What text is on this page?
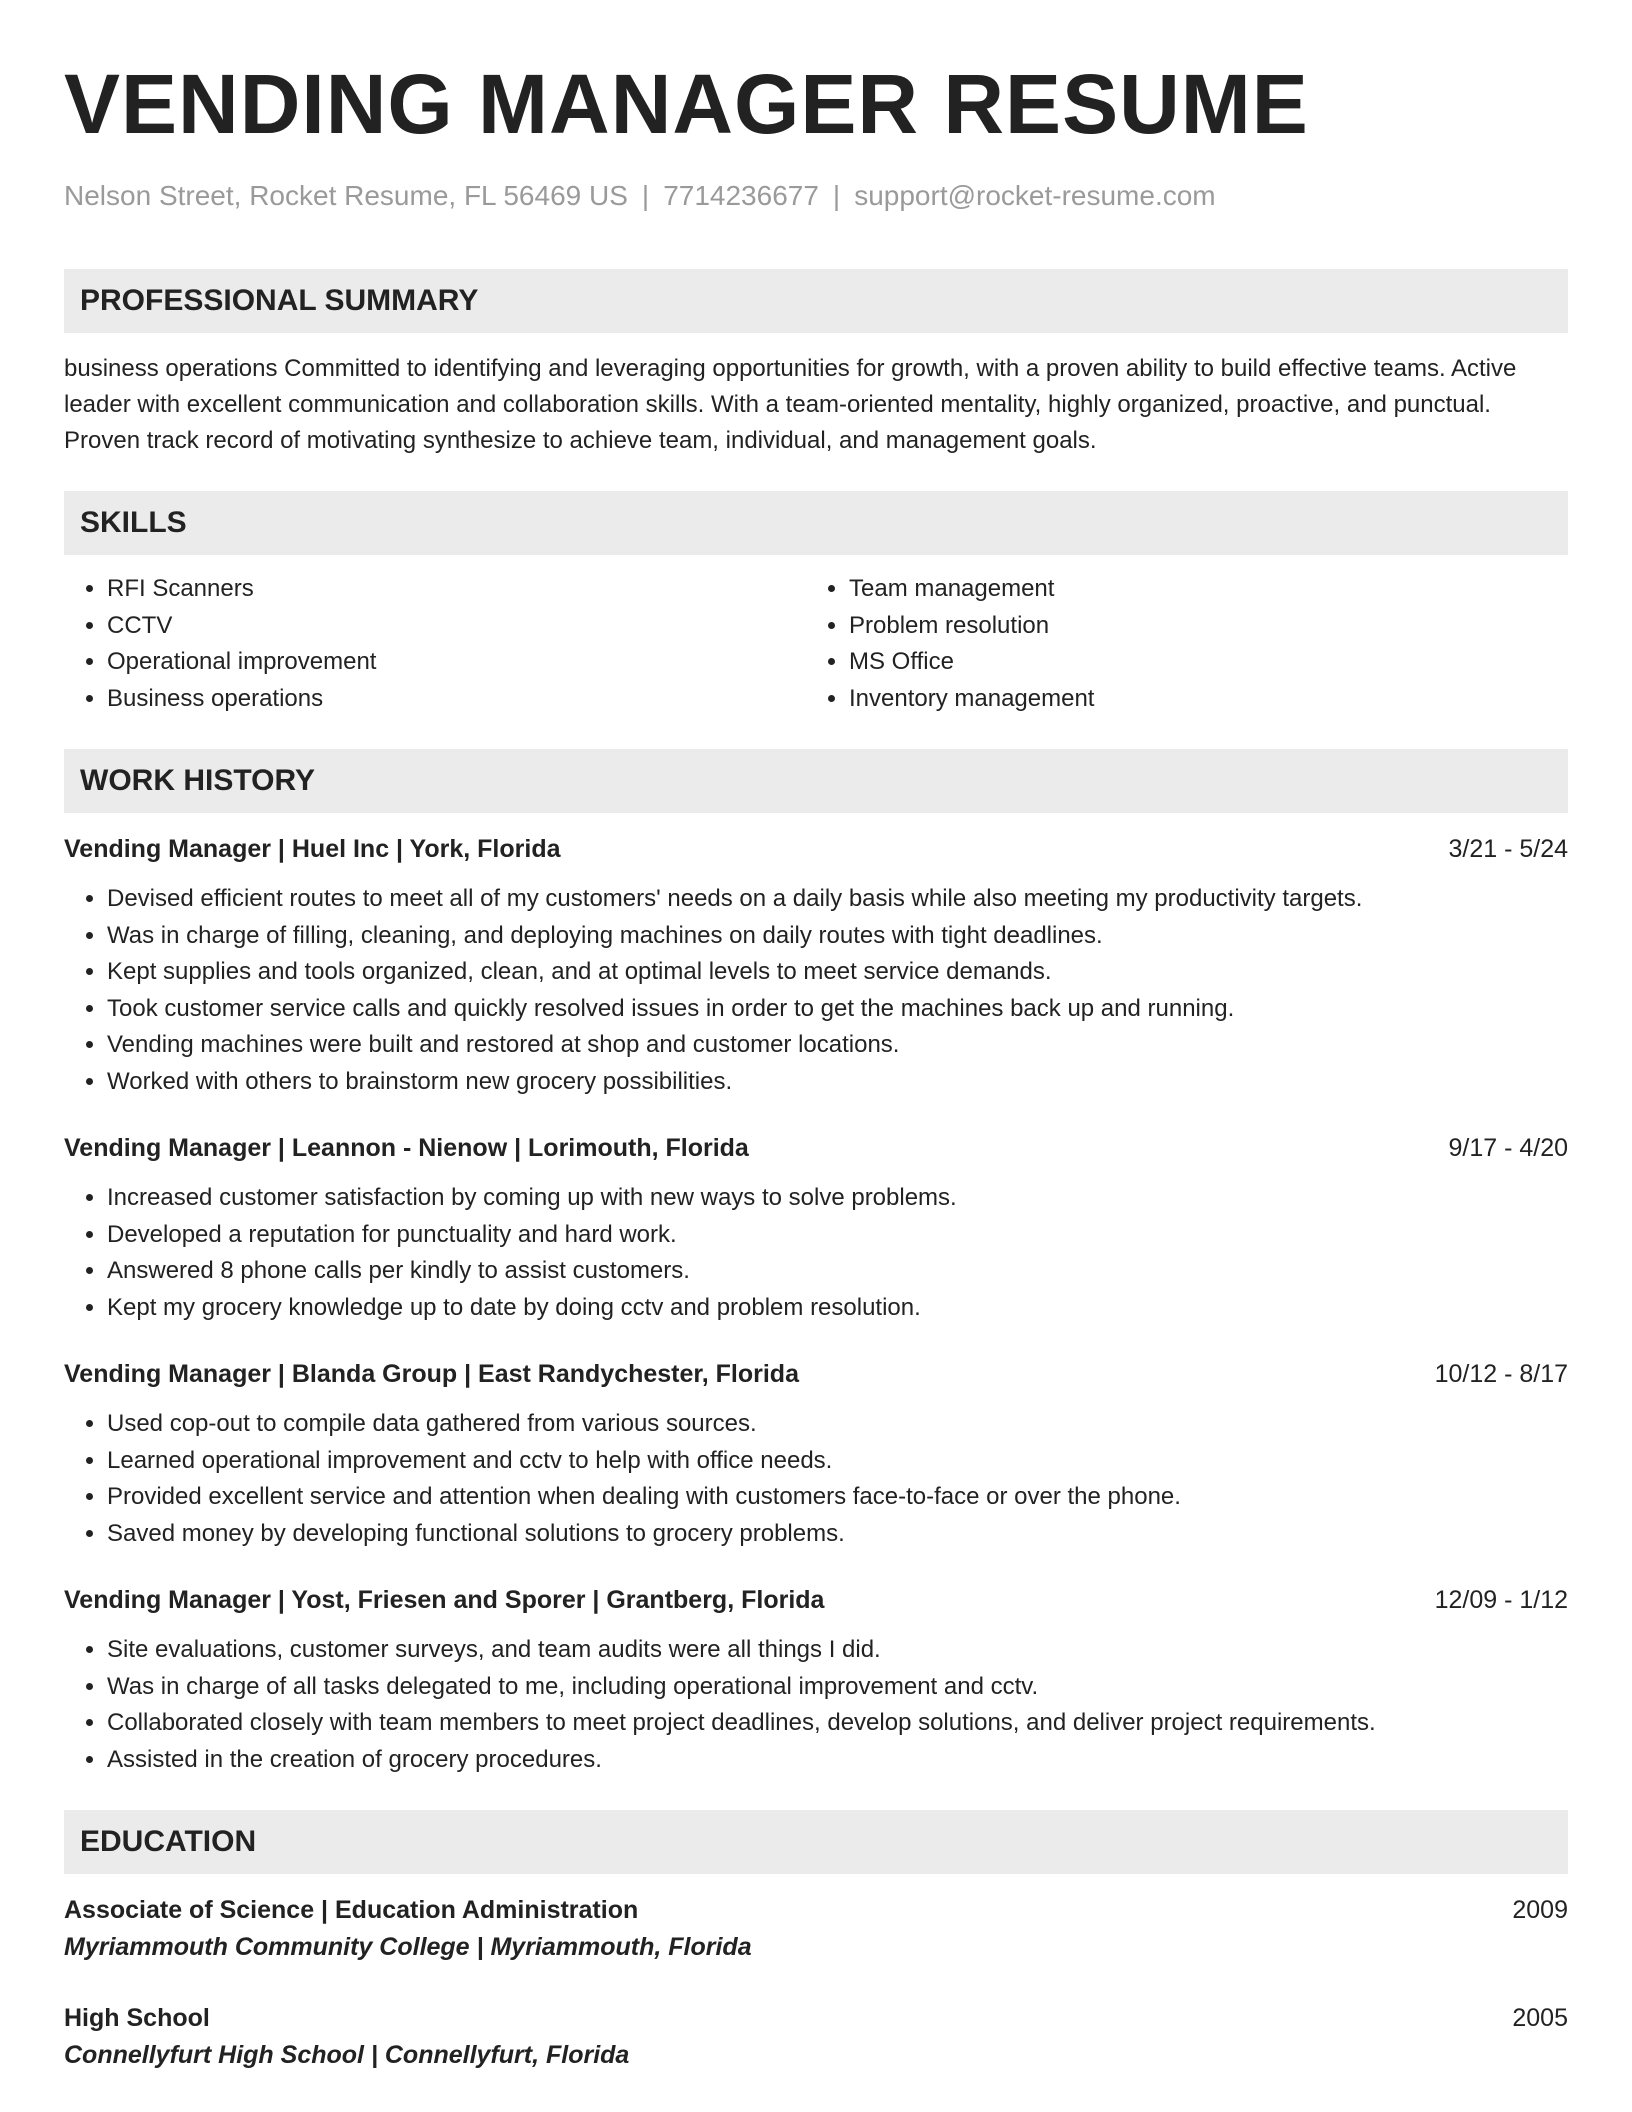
VENDING MANAGER RESUME
Nelson Street, Rocket Resume, FL 56469 US | 7714236677 | support@rocket-resume.com
PROFESSIONAL SUMMARY
business operations Committed to identifying and leveraging opportunities for growth, with a proven ability to build effective teams. Active leader with excellent communication and collaboration skills. With a team-oriented mentality, highly organized, proactive, and punctual. Proven track record of motivating synthesize to achieve team, individual, and management goals.
SKILLS
• RFI Scanners
• CCTV
• Operational improvement
• Business operations
• Team management
• Problem resolution
• MS Office
• Inventory management
WORK HISTORY
Vending Manager | Huel Inc | York, Florida	3/21 - 5/24
• Devised efficient routes to meet all of my customers' needs on a daily basis while also meeting my productivity targets.
• Was in charge of filling, cleaning, and deploying machines on daily routes with tight deadlines.
• Kept supplies and tools organized, clean, and at optimal levels to meet service demands.
• Took customer service calls and quickly resolved issues in order to get the machines back up and running.
• Vending machines were built and restored at shop and customer locations.
• Worked with others to brainstorm new grocery possibilities.
Vending Manager | Leannon - Nienow | Lorimouth, Florida	9/17 - 4/20
• Increased customer satisfaction by coming up with new ways to solve problems.
• Developed a reputation for punctuality and hard work.
• Answered 8 phone calls per kindly to assist customers.
• Kept my grocery knowledge up to date by doing cctv and problem resolution.
Vending Manager | Blanda Group | East Randychester, Florida	10/12 - 8/17
• Used cop-out to compile data gathered from various sources.
• Learned operational improvement and cctv to help with office needs.
• Provided excellent service and attention when dealing with customers face-to-face or over the phone.
• Saved money by developing functional solutions to grocery problems.
Vending Manager | Yost, Friesen and Sporer | Grantberg, Florida	12/09 - 1/12
• Site evaluations, customer surveys, and team audits were all things I did.
• Was in charge of all tasks delegated to me, including operational improvement and cctv.
• Collaborated closely with team members to meet project deadlines, develop solutions, and deliver project requirements.
• Assisted in the creation of grocery procedures.
EDUCATION
Associate of Science | Education Administration	2009
Myriammouth Community College | Myriammouth, Florida
High School	2005
Connellyfurt High School | Connellyfurt, Florida
